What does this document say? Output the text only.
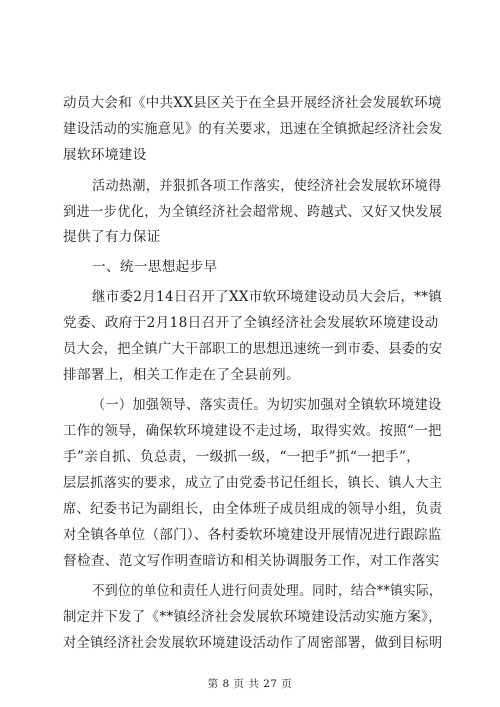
动员大会和《中共XX县区关于在全县开展经济社会发展软环境
建设活动的实施意见》的有关要求，迅速在全镇掀起经济社会发
展软环境建设
活动热潮，并狠抓各项工作落实，使经济社会发展软环境得
到进一步优化，为全镇经济社会超常规、跨越式、又好又快发展
提供了有力保证
一、统一思想起步早
继市委2月14日召开了XX市软环境建设动员大会后，**镇
党委、政府于2月18日召开了全镇经济社会发展软环境建设动
员大会，把全镇广大干部职工的思想迅速统一到市委、县委的安
排部署上，相关工作走在了全县前列。
（一）加强领导、落实责任。为切实加强对全镇软环境建设
工作的领导，确保软环境建设不走过场，取得实效。按照“一把
手”亲自抓、负总责，一级抓一级，“一把手”抓“一把手”，
层层抓落实的要求，成立了由党委书记任组长，镇长、镇人大主
席、纪委书记为副组长，由全体班子成员组成的领导小组，负责
对全镇各单位（部门）、各村委软环境建设开展情况进行跟踪监
督检查、范文写作明查暗访和相关协调服务工作，对工作落实
不到位的单位和责任人进行问责处理。同时，结合**镇实际，
制定并下发了《**镇经济社会发展软环境建设活动实施方案》，
对全镇经济社会发展软环境建设活动作了周密部署，做到目标明
第 8 页 共 27 页
